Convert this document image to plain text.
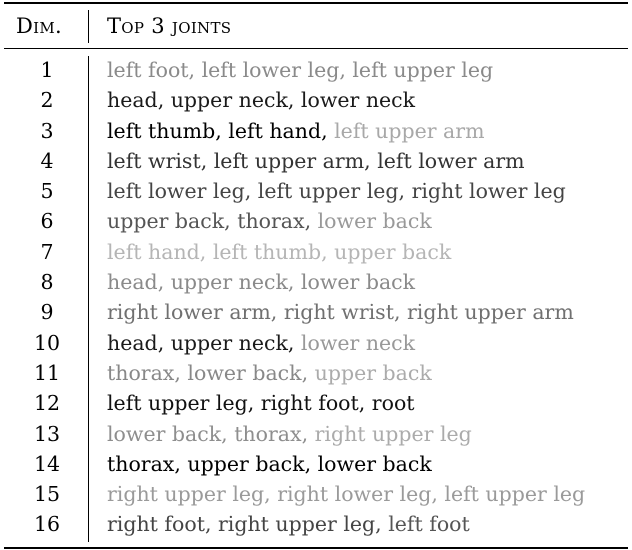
Dim. Top 3 joints
1	left foot, left lower leg, left upper leg
2	head, upper neck, lower neck
3	left thumb, left hand, left upper arm
4	left wrist, left upper arm, left lower arm
5	left lower leg, left upper leg, right lower leg
6	upper back, thorax, lower back
7	left hand, left thumb, upper back
8	head, upper neck, lower back
9	right lower arm, right wrist, right upper arm
10	head, upper neck, lower neck
11	thorax, lower back, upper back
12	left upper leg, right foot, root
13	lower back, thorax, right upper leg
14	thorax, upper back, lower back
15	right upper leg, right lower leg, left upper leg
16	right foot, right upper leg, left foot
